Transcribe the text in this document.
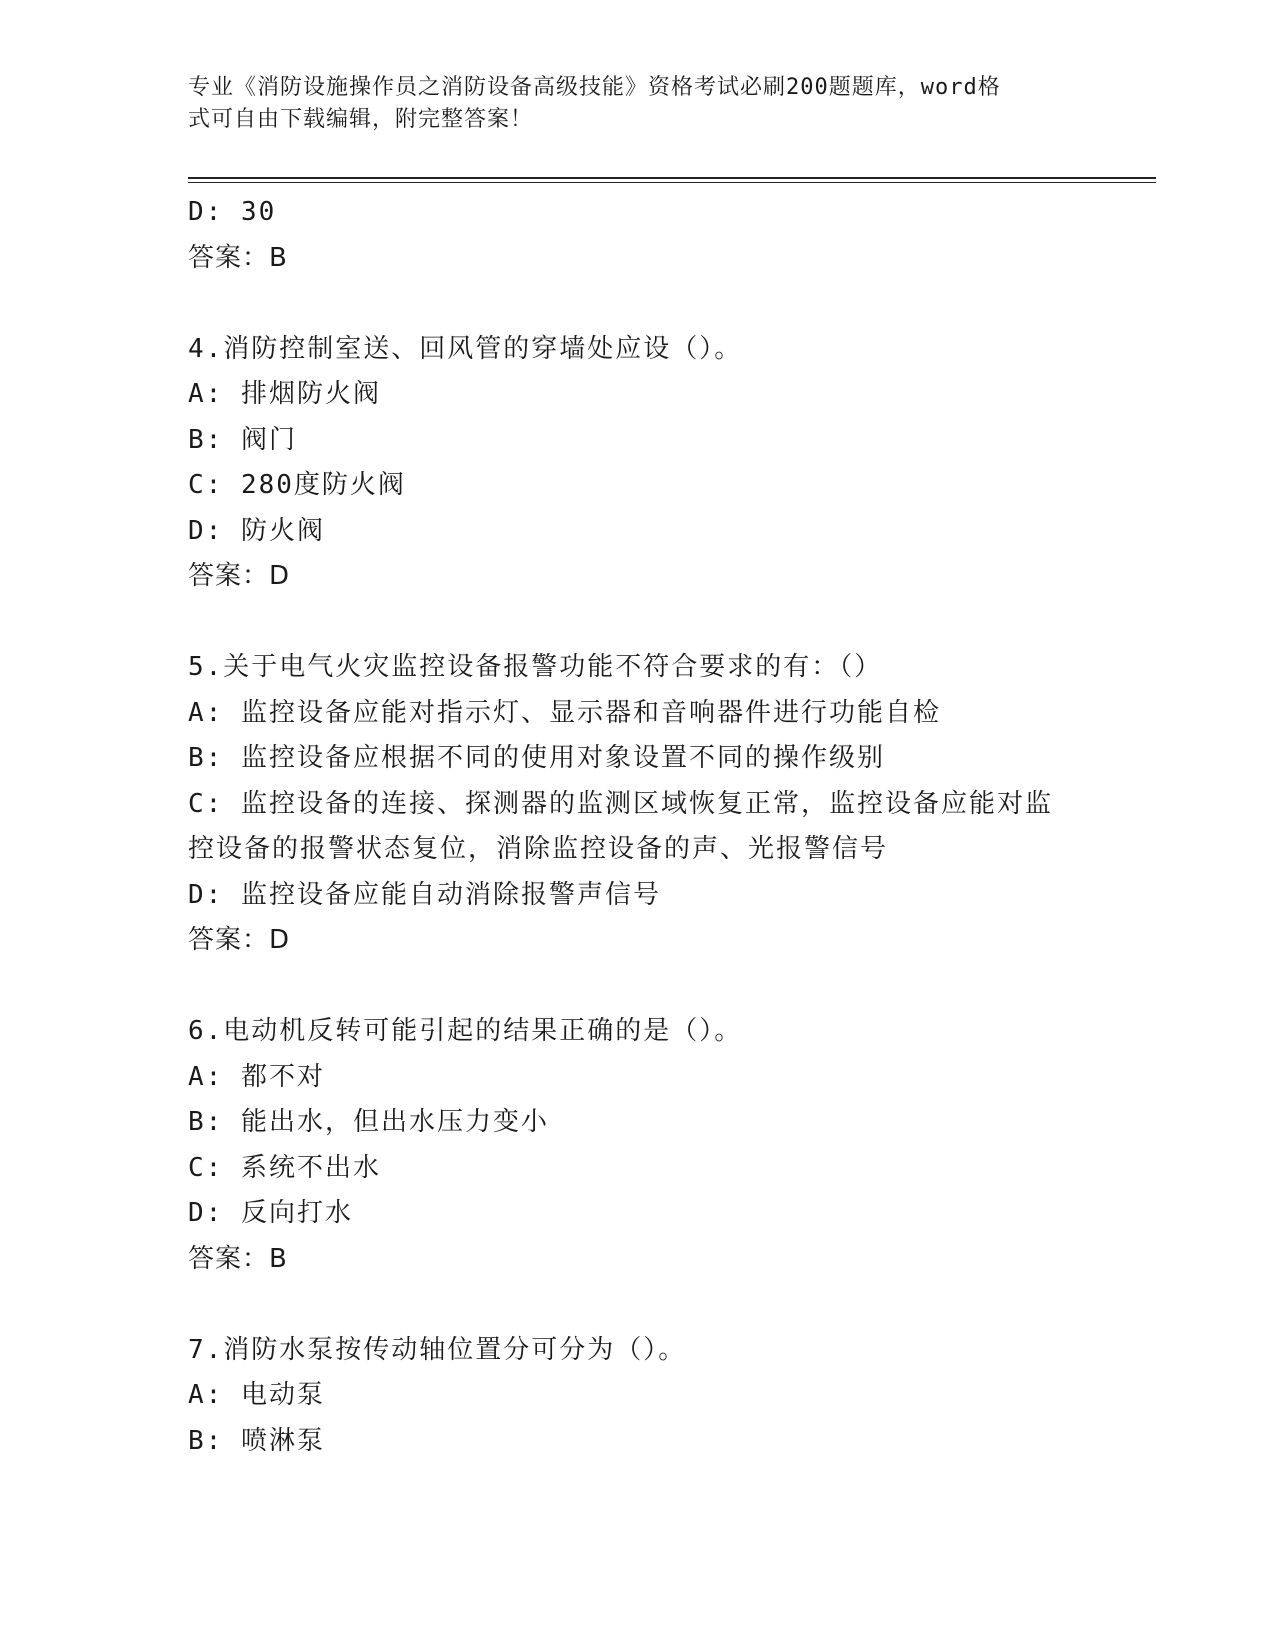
专业《消防设施操作员之消防设备高级技能》资格考试必刷200题题库，word格
式可自由下载编辑，附完整答案！
D: 30
答案：B
4.消防控制室送、回风管的穿墙处应设（）。
A: 排烟防火阀
B: 阀门
C: 280度防火阀
D: 防火阀
答案：D
5.关于电气火灾监控设备报警功能不符合要求的有：（）
A: 监控设备应能对指示灯、显示器和音响器件进行功能自检
B: 监控设备应根据不同的使用对象设置不同的操作级别
C: 监控设备的连接、探测器的监测区域恢复正常，监控设备应能对监
控设备的报警状态复位，消除监控设备的声、光报警信号
D: 监控设备应能自动消除报警声信号
答案：D
6.电动机反转可能引起的结果正确的是（）。
A: 都不对
B: 能出水，但出水压力变小
C: 系统不出水
D: 反向打水
答案：B
7.消防水泵按传动轴位置分可分为（）。
A: 电动泵
B: 喷淋泵
